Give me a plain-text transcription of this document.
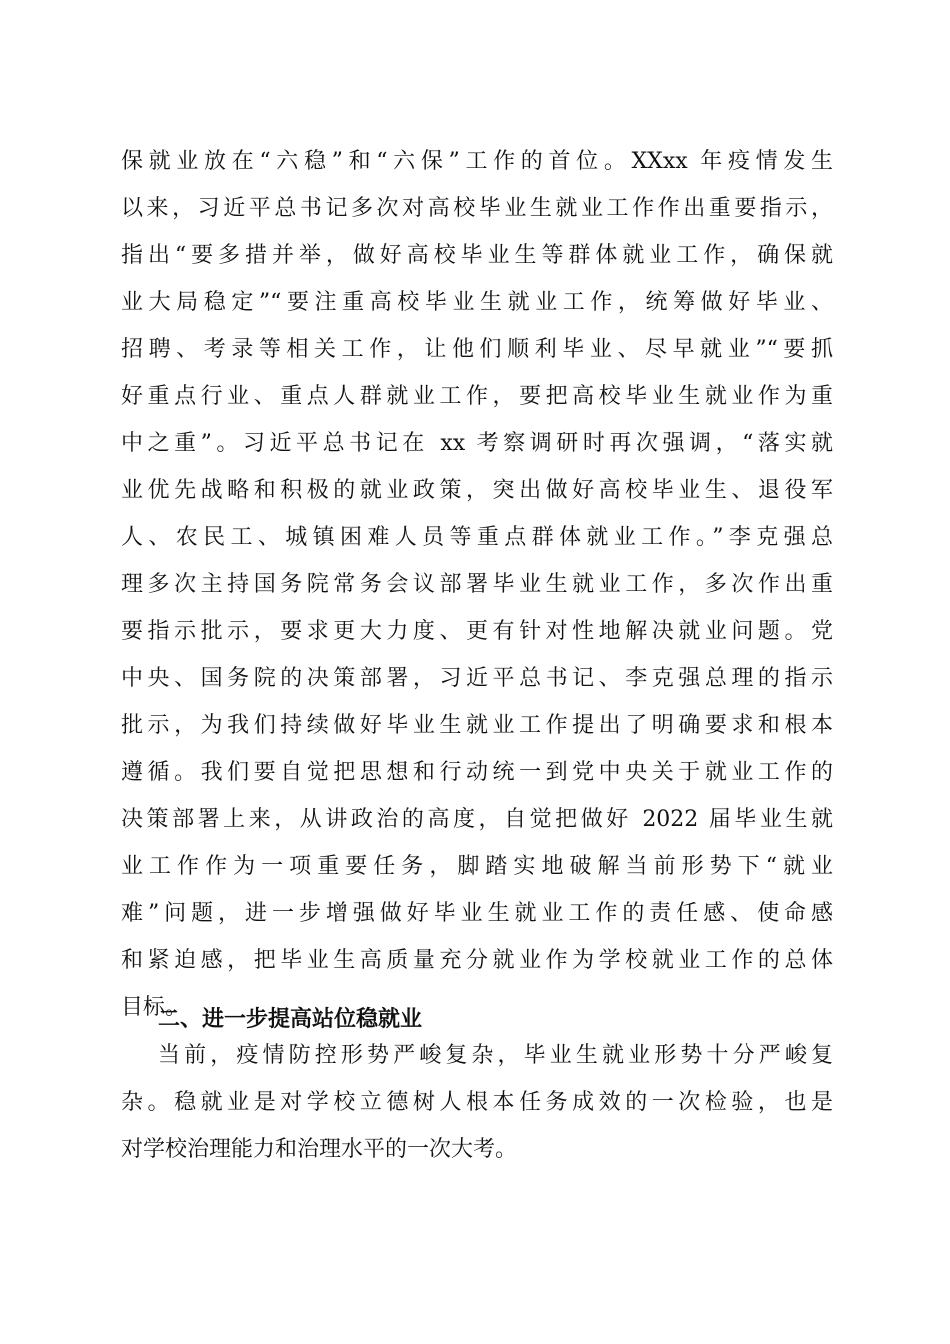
保就业放在“六稳”和“六保”工作的首位。XXxx 年疫情发生
以来，习近平总书记多次对高校毕业生就业工作作出重要指示，
指出“要多措并举，做好高校毕业生等群体就业工作，确保就
业大局稳定”“要注重高校毕业生就业工作，统筹做好毕业、
招聘、考录等相关工作，让他们顺利毕业、尽早就业”“要抓
好重点行业、重点人群就业工作，要把高校毕业生就业作为重
中之重”。习近平总书记在 xx 考察调研时再次强调，“落实就
业优先战略和积极的就业政策，突出做好高校毕业生、退役军
人、农民工、城镇困难人员等重点群体就业工作。”李克强总
理多次主持国务院常务会议部署毕业生就业工作，多次作出重
要指示批示，要求更大力度、更有针对性地解决就业问题。党
中央、国务院的决策部署，习近平总书记、李克强总理的指示
批示，为我们持续做好毕业生就业工作提出了明确要求和根本
遵循。我们要自觉把思想和行动统一到党中央关于就业工作的
决策部署上来，从讲政治的高度，自觉把做好 2022 届毕业生就
业工作作为一项重要任务，脚踏实地破解当前形势下“就业
难”问题，进一步增强做好毕业生就业工作的责任感、使命感
和紧迫感，把毕业生高质量充分就业作为学校就业工作的总体
目标。
二、进一步提高站位稳就业
当前，疫情防控形势严峻复杂，毕业生就业形势十分严峻复
杂。稳就业是对学校立德树人根本任务成效的一次检验，也是
对学校治理能力和治理水平的一次大考。
